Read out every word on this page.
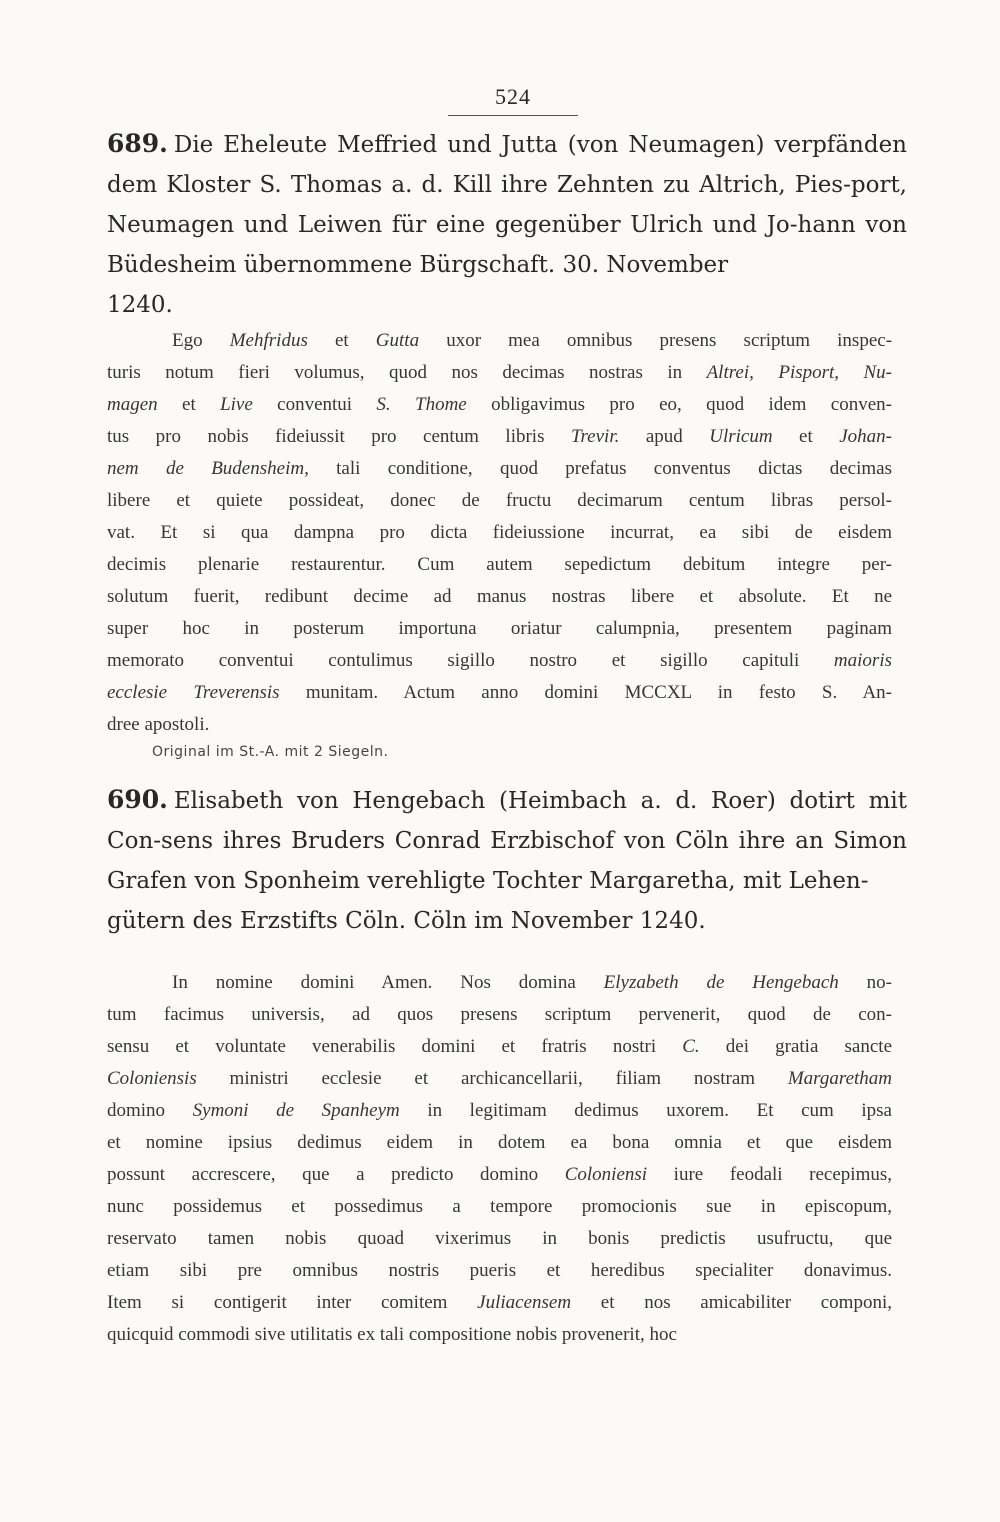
524
689. Die Eheleute Meffried und Jutta (von Neumagen) verpfänden dem Kloster S. Thomas a. d. Kill ihre Zehnten zu Altrich, Pies-port, Neumagen und Leiwen für eine gegenüber Ulrich und Jo-hann von Büdesheim übernommene Bürgschaft. 30. November
1240.
Ego Mehfridus et Gutta uxor mea omnibus presens scriptum inspec-
turis notum fieri volumus, quod nos decimas nostras in Altrei, Pisport, Nu-
magen et Live conventui S. Thome obligavimus pro eo, quod idem conven-
tus pro nobis fideiussit pro centum libris Trevir. apud Ulricum et Johan-
nem de Budensheim, tali conditione, quod prefatus conventus dictas decimas
libere et quiete possideat, donec de fructu decimarum centum libras persol-
vat. Et si qua dampna pro dicta fideiussione incurrat, ea sibi de eisdem
decimis plenarie restaurentur. Cum autem sepedictum debitum integre per-
solutum fuerit, redibunt decime ad manus nostras libere et absolute. Et ne
super hoc in posterum importuna oriatur calumpnia, presentem paginam
memorato conventui contulimus sigillo nostro et sigillo capituli maioris
ecclesie Treverensis munitam. Actum anno domini MCCXL in festo S. An-
dree apostoli.
Original im St.-A. mit 2 Siegeln.
690. Elisabeth von Hengebach (Heimbach a. d. Roer) dotirt mit Con-sens ihres Bruders Conrad Erzbischof von Cöln ihre an Simon Grafen von Sponheim verehligte Tochter Margaretha, mit Lehen-
gütern des Erzstifts Cöln. Cöln im November 1240.
In nomine domini Amen. Nos domina Elyzabeth de Hengebach no-
tum facimus universis, ad quos presens scriptum pervenerit, quod de con-
sensu et voluntate venerabilis domini et fratris nostri C. dei gratia sancte
Coloniensis ministri ecclesie et archicancellarii, filiam nostram Margaretham
domino Symoni de Spanheym in legitimam dedimus uxorem. Et cum ipsa
et nomine ipsius dedimus eidem in dotem ea bona omnia et que eisdem
possunt accrescere, que a predicto domino Coloniensi iure feodali recepimus,
nunc possidemus et possedimus a tempore promocionis sue in episcopum,
reservato tamen nobis quoad vixerimus in bonis predictis usufructu, que
etiam sibi pre omnibus nostris pueris et heredibus specialiter donavimus.
Item si contigerit inter comitem Juliacensem et nos amicabiliter componi,
quicquid commodi sive utilitatis ex tali compositione nobis provenerit, hoc
